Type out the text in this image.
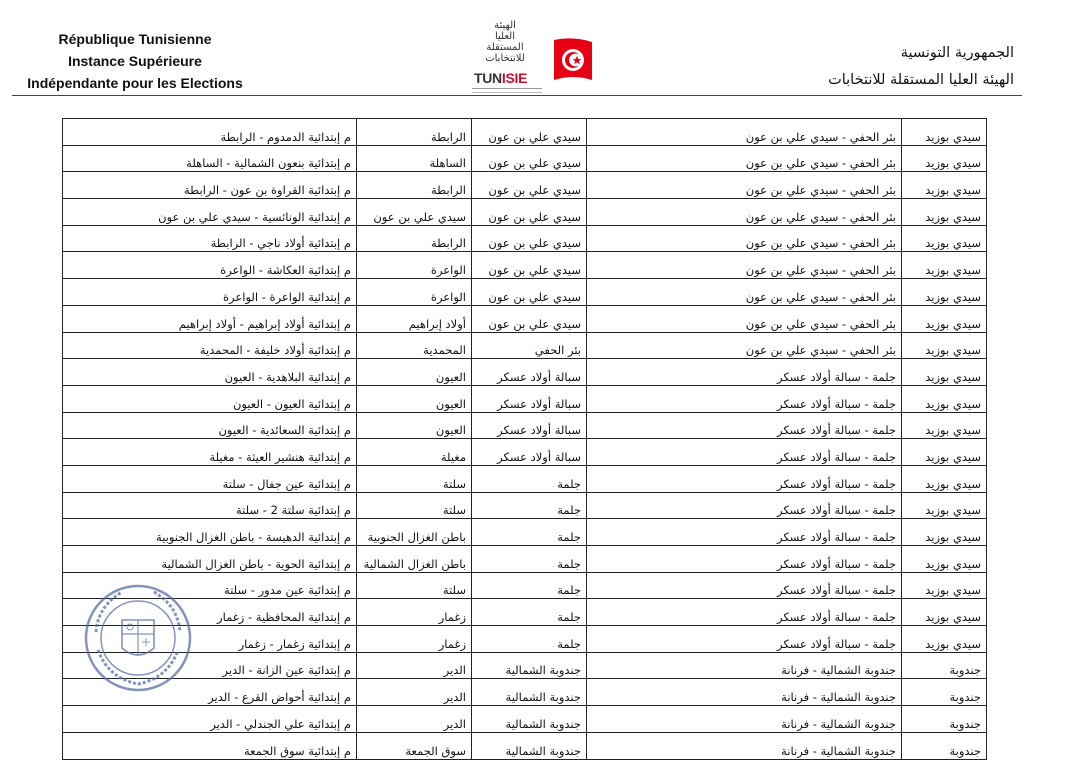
République Tunisienne
Instance Supérieure
Indépendante pour les Elections
الهيئة
العليا
المستقلة
للانتخابات
TUNISIE
الجمهورية التونسية
الهيئة العليا المستقلة للانتخابات
سيدي بوزيد	بئر الحفي - سيدي علي بن عون	سيدي علي بن عون	الرابطة	م إبتدائية الدمدوم - الرابطة
سيدي بوزيد	بئر الحفي - سيدي علي بن عون	سيدي علي بن عون	الساهلة	م إبتدائية بنعون الشمالية - الساهلة
سيدي بوزيد	بئر الحفي - سيدي علي بن عون	سيدي علي بن عون	الرابطة	م إبتدائية القراوة بن عون - الرابطة
سيدي بوزيد	بئر الحفي - سيدي علي بن عون	سيدي علي بن عون	سيدي علي بن عون	م إبتدائية الونائسية - سيدي علي بن عون
سيدي بوزيد	بئر الحفي - سيدي علي بن عون	سيدي علي بن عون	الرابطة	م إبتدائية أولاد ناجي - الرابطة
سيدي بوزيد	بئر الحفي - سيدي علي بن عون	سيدي علي بن عون	الواعرة	م إبتدائية العكاشة - الواعرة
سيدي بوزيد	بئر الحفي - سيدي علي بن عون	سيدي علي بن عون	الواعرة	م إبتدائية الواعرة - الواعرة
سيدي بوزيد	بئر الحفي - سيدي علي بن عون	سيدي علي بن عون	أولاد إبراهيم	م إبتدائية أولاد إبراهيم - أولاد إبراهيم
سيدي بوزيد	بئر الحفي - سيدي علي بن عون	بئر الحفي	المحمدية	م إبتدائية أولاد خليفة - المحمدية
سيدي بوزيد	جلمة - سبالة أولاد عسكر	سبالة أولاد عسكر	العيون	م إبتدائية البلاهدية - العيون
سيدي بوزيد	جلمة - سبالة أولاد عسكر	سبالة أولاد عسكر	العيون	م إبتدائية العيون - العيون
سيدي بوزيد	جلمة - سبالة أولاد عسكر	سبالة أولاد عسكر	العيون	م إبتدائية السعائدية - العيون
سيدي بوزيد	جلمة - سبالة أولاد عسكر	سبالة أولاد عسكر	مغيلة	م إبتدائية هنشير العيثة - مغيلة
سيدي بوزيد	جلمة - سبالة أولاد عسكر	جلمة	سلتة	م إبتدائية عين جفال - سلتة
سيدي بوزيد	جلمة - سبالة أولاد عسكر	جلمة	سلتة	م إبتدائية سلتة 2 - سلتة
سيدي بوزيد	جلمة - سبالة أولاد عسكر	جلمة	باطن الغزال الجنوبية	م إبتدائية الدهيسة - باطن الغزال الجنوبية
سيدي بوزيد	جلمة - سبالة أولاد عسكر	جلمة	باطن الغزال الشمالية	م إبتدائية الحوية - باطن الغزال الشمالية
سيدي بوزيد	جلمة - سبالة أولاد عسكر	جلمة	سلتة	م إبتدائية عين مدور - سلتة
سيدي بوزيد	جلمة - سبالة أولاد عسكر	جلمة	زغمار	م إبتدائية المحافظية - زغمار
سيدي بوزيد	جلمة - سبالة أولاد عسكر	جلمة	زغمار	م إبتدائية زغمار - زغمار
جندوبة	جندوبة الشمالية - فرنانة	جندوبة الشمالية	الدير	م إبتدائية عين الزانة - الدير
جندوبة	جندوبة الشمالية - فرنانة	جندوبة الشمالية	الدير	م إبتدائية أحواض القرع - الدير
جندوبة	جندوبة الشمالية - فرنانة	جندوبة الشمالية	الدير	م إبتدائية علي الجندلي - الدير
جندوبة	جندوبة الشمالية - فرنانة	جندوبة الشمالية	سوق الجمعة	م إبتدائية سوق الجمعة
